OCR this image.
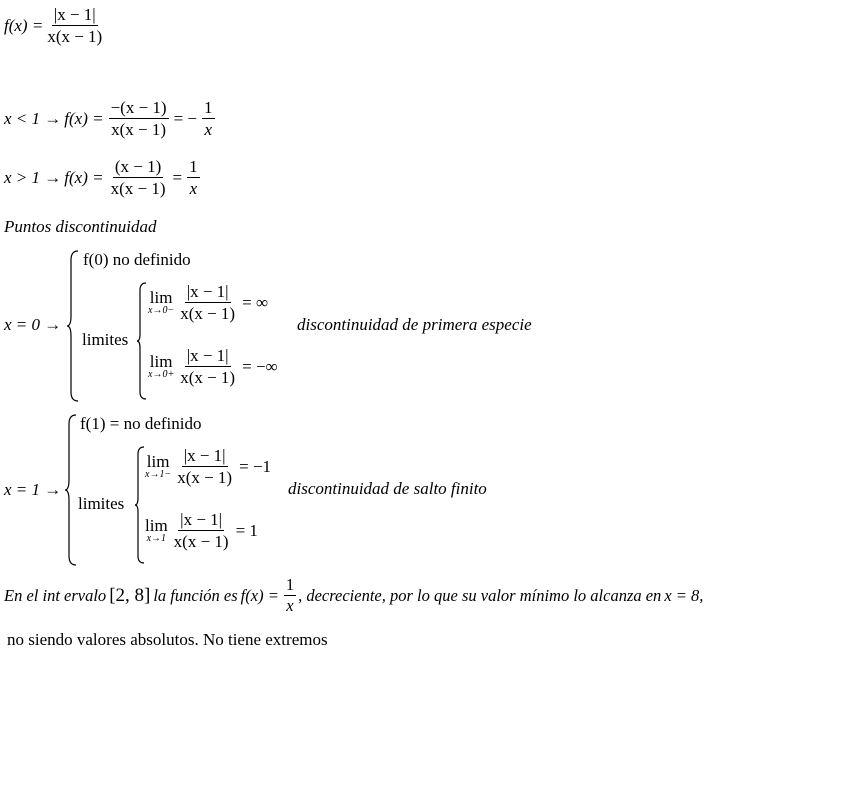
$f(x) = \frac{|x - 1|}{x(x - 1)}$
$x < 1 \to f(x) = \frac{-(x - 1)}{x(x - 1)}$ = − $\frac{1}{x}$
$x > 1 \to f(x) = \frac{(x - 1)}{x(x - 1)} = \frac{1}{x}$
Puntos discontinuidad
x = 0 →
f(0) no definido
limites
lim
$x\to 0- \frac{|x - 1|}{x(x - 1)}$ = ∞
lim
$x\to 0+ \frac{|x - 1|}{x(x - 1)}$ = −∞
discontinuidad de primera especie
x = 1 →
f(1) = no definido
limites
lim
$x\to 1- \frac{|x - 1|}{x(x - 1)} = -1$
lim
$x\to 1 \frac{|x - 1|}{x(x - 1)} = 1$
discontinuidad de salto finito
En el int ervalo [2, 8] la función es $f(x) = \frac{1}{x}$ , decreciente, por lo que su valor mínimo lo alcanza en x = 8,
no siendo valores absolutos. No tiene extremos
